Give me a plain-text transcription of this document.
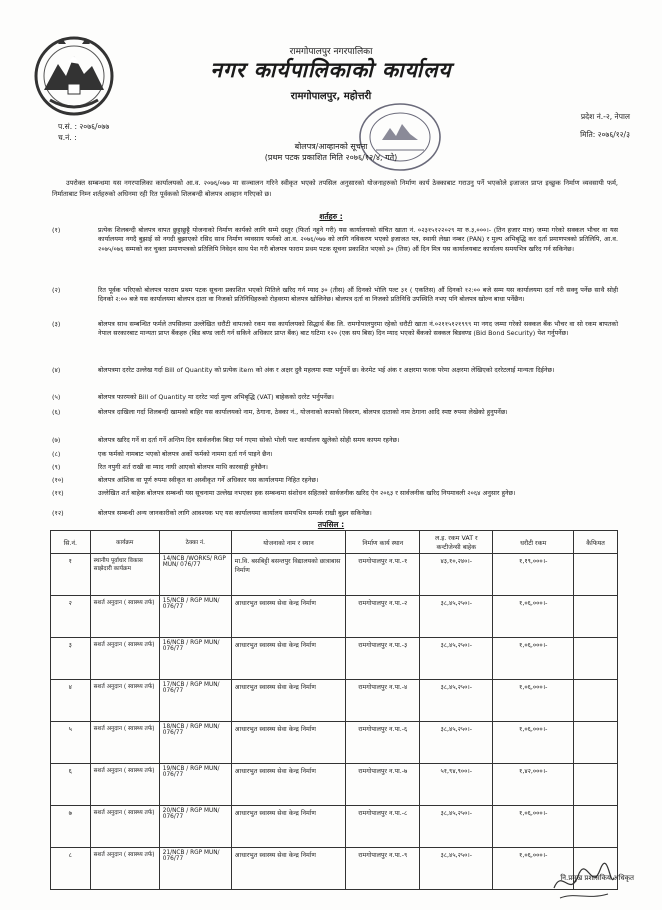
रामगोपालपुर नगरपालिका
नगर कार्यपालिकाको कार्यालय
रामगोपालपुर, महोत्तरी
प.सं. : २०७६/०७७
च.नं. :
प्रदेश नं.-२, नेपाल
मिति: २०७६/१२/३
बोलपत्र/आव्हानको सूचना
(प्रथम पटक प्रकाशित मिति २०७६/१२/४, गते)
उपरोक्त सम्बन्धमा यस नगरपालिका कार्यालयको आ.व. २०७६/०७७ मा सञ्चालन गरिने स्वीकृत भएको तपसिल अनुसारको योजनाहरुको निर्माण कार्य ठेक्काबाट गराउनु पर्ने भएकोले इजाजत प्राप्त इच्छुक निर्माण व्यवसायी फर्म, निर्माताबाट निम्न शर्तहरुको अधिनमा रही रित पूर्वकको शिलबन्दी बोलपत्र आव्हान गरिएको छ।
शर्तहरु :
(१)	प्रत्येक शिलबन्दी बोलपत्र वापत छुट्टाछुट्टै योजनाको निर्माण कार्यको लागि सम्मे दस्तुर (फिर्ता नहुने गरी) यस कार्यालयको संचित खाता नं. ०२३१५१२२०२९ मा रु.३,०००।- (तिन हजार मात्र) जम्मा गरेको सक्कल भौचर वा यस कार्यालयमा नगदै बुझाई सो नगदी बुझाएको रसिद साथ निर्माण व्यवसाय फर्मको आ.व. २०७६/०७७ को लागि नविकरण भएको इजाजत पत्र, स्थायी लेखा नम्बर (PAN) र मुल्य अभिबृद्धि कर दर्ता प्रमाणपत्रको प्रतिलिपि, आ.व. २०७५/०७६ सम्मको कर चुक्ता प्रमाणपत्रको प्रतिलिपि निवेदन साथ पेश गरी बोलपत्र फाराम प्रथम पटक सूचना प्रकाशित भएको ३० (तिस) औं दिन मित्र यस कार्यालयबाट कार्यालय समयभित्र खरिद गर्न सकिनेछ।
(२)	रित पूर्वक भरिएको बोलपत्र फाराम प्रथम पटक सूचना प्रकाशित भएको मितिले खरिद गर्न म्याद ३० (तीस) औं दिनको भोलि पल्ट ३१ ( एकतिस) औं दिनको १२:०० बजे सम्म यस कार्यालयमा दर्ता गरी सक्नु पर्नेछ साथै सोही दिनको २:०० बजे यस कार्यालयमा बोलपत्र दाता वा निजको प्रतिनिधिहरुको रोहवरमा बोलपत्र खोलिनेछ। बोलपत्र दर्ता वा निजको प्रतिनिधि उपस्थिति नभए पनि बोलपत्र खोल्न बाधा पर्नेछैन।
(३)	बोलपत्र साथ सम्बन्धित फर्मले तपसिलमा उल्लेखित धरौटी वापतको रकम यस कार्यालयको सिद्धार्थ बैंक लि. रामगोपालपुरमा रहेको धरौटी खाता नं.०२११५१२१९९९ मा नगद जम्मा गरेको सक्कल बैंक भौचर वा सो रकम बापतको नेपाल सरकारबाट मान्यता प्राप्त बैंकहरु (बिड बण्ड जारी गर्न सकिने अधिकार प्राप्त बैंक) बाट घटिमा १२० (एक सय बिस) दिन म्याद भएको बैंकको सक्कल बिडवण्ड (Bid Bond Security) पेश गर्नुपर्नेछ।
(४)	बोलपत्रमा दररेट उल्लेख गर्दा Bill of Quantity को प्रत्येक item को अंक र अक्षर दुवै महलमा स्पष्ट भर्नुपर्ने छ। केरमेट भई अंक र अक्षरमा फरक परेमा अक्षरमा लेखिएको दररेटलाई मान्यता दिईनेछ।
(५)	बोलपत्र फारमको Bill of Quantity मा दररेट भर्दा मुल्य अभिबृद्धि (VAT) बाहेकको दररेट भर्नुपर्नेछ।
(६)	बोलपत्र दाखिला गर्दा शिलबन्दी खामको बाहिर यस कार्यालयको नाम, ठेगाना, ठेक्का नं., योजनाको कामको विवरण, बोलपत्र दाताको नाम ठेगाना आदि स्पष्ट रुपमा लेखेको हुनुपर्नेछ।
(७)	बोलपत्र खरिद गर्ने वा दर्ता गर्ने अन्तिम दिन सार्वजनीक बिदा पर्न गएमा सोको भोली पल्ट कार्यालय खुलेको सोही समय कायम रहनेछ।
(८)	एक फर्मको नामबाट भएको बोलपत्र अर्को फर्मको नाममा दर्ता गर्न पाइने छैन।
(९)	रित नपुगी शर्त राखी वा म्याद नाघी आएको बोलपत्र माथि कारवाही हुनेछैन।
(१०)	बोलपत्र आंशिक वा पूर्ण रुपमा स्वीकृत वा अस्वीकृत गर्ने अधिकार यस कार्यालयमा निहित रहनेछ।
(११)	उल्लेखित शर्त बाहेक बोलपत्र सम्बन्धी यस सूचनामा उल्लेख नभएका हक सम्बन्धमा संशोधन सहितको सार्वजनीक खरिद ऐन २०६३ र सार्वजनीक खरिद नियमावली २०६४ अनुसार हुनेछ।
(१२)	बोलपत्र सम्बन्धी अन्य जानकारीको लागि आवश्यक भए यस कार्यालयमा कार्यालय समयभित्र सम्पर्क राखी बुझ्न सकिनेछ।
तपसिल :
सि.नं.	कार्यक्रम	ठेक्का नं.	योजनाको नाम र स्थान	निर्माण कार्य स्थान	ल.इ. रकम VAT र कन्टीजेन्सी बाहेक	धरौटी रकम	कैफियत
१	स्थानीय पूर्वाधार विकास साझेदारी कार्यक्रम	14/NCB /WORKS/ RGP MUN/ 076/77	मा.वि. बसबिट्टी बसन्तपुर विद्यालयको छात्राबास निर्माण	रामगोपालपुर न.पा.-१	४३,१०,२४०।-	१,१९,०००।-	
२	सशर्त अनुदान ( स्वास्थ्य तर्फ)	15/NCB / RGP MUN/ 076/77	आधारभुत स्वास्थ्य सेवा केन्द्र निर्माण	रामगोपालपुर न.पा.-२	३८,४५,२५०।-	१,०६,०००।-	
३	सशर्त अनुदान ( स्वास्थ्य तर्फ)	16/NCB / RGP MUN/ 076/77	आधारभुत स्वास्थ्य सेवा केन्द्र निर्माण	रामगोपालपुर न.पा.-३	३८,४५,२५०।-	१,०६,०००।-	
४	सशर्त अनुदान ( स्वास्थ्य तर्फ)	17/NCB / RGP MUN/ 076/77	आधारभुत स्वास्थ्य सेवा केन्द्र निर्माण	रामगोपालपुर न.पा.-४	३८,४५,२५०।-	१,०६,०००।-	
५	सशर्त अनुदान ( स्वास्थ्य तर्फ)	18/NCB / RGP MUN/ 076/77	आधारभुत स्वास्थ्य सेवा केन्द्र निर्माण	रामगोपालपुर न.पा.-६	३८,४५,२५०।-	१,०६,०००।-	
६	सशर्त अनुदान ( स्वास्थ्य तर्फ)	19/NCB / RGP MUN/ 076/77	आधारभुत स्वास्थ्य सेवा केन्द्र निर्माण	रामगोपालपुर न.पा.-७	५१,९४,९००।-	१,४२,०००।-	
७	सशर्त अनुदान ( स्वास्थ्य तर्फ)	20/NCB / RGP MUN/ 076/77	आधारभुत स्वास्थ्य सेवा केन्द्र निर्माण	रामगोपालपुर न.पा.-८	३८,४५,२५०।-	१,०६,०००।-	
८	सशर्त अनुदान ( स्वास्थ्य तर्फ)	21/NCB / RGP MUN/ 076/77	आधारभुत स्वास्थ्य सेवा केन्द्र निर्माण	रामगोपालपुर न.पा.-९	३८,४५,२५०।-	१,०६,०००।-	
नि.प्रमुख प्रशासकिय अधिकृत
